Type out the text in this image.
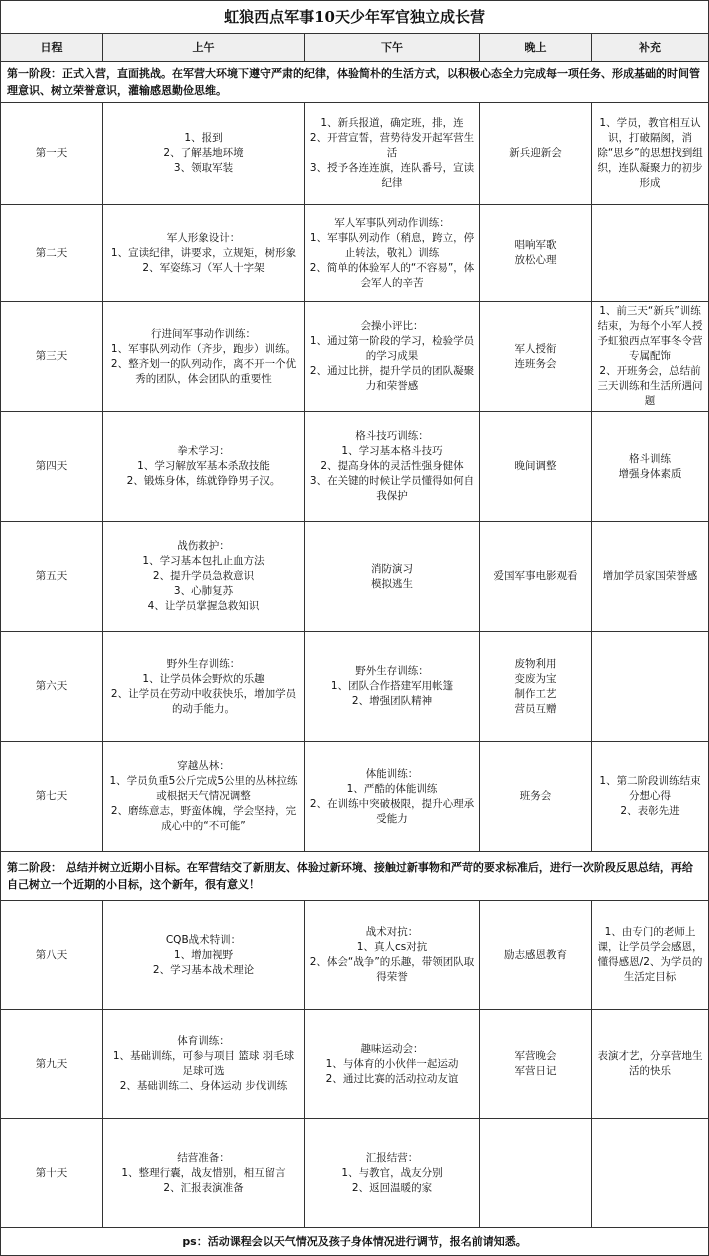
虹狼西点军事10天少年军官独立成长营				
日程	上午	下午	晚上	补充
第一阶段：正式入营，直面挑战。在军营大环境下遵守严肃的纪律，体验简朴的生活方式，以积极心态全力完成每一项任务、形成基础的时间管理意识、树立荣誉意识，灌输感恩勤俭思维。				
第一天	1、报到
2、了解基地环境
3、领取军装	1、新兵报道，确定班，排，连
2、开营宣誓，营势待发开起军营生活
3、授予各连连旗，连队番号，宣读纪律	新兵迎新会	1、学员，教官相互认识，打破隔阂，消除“思乡”的思想找到组织，连队凝聚力的初步形成

第二天	军人形象设计：
1、宣读纪律，讲要求，立规矩，树形象
2、军姿练习（军人十字架	军人军事队列动作训练：
1、军事队列动作（稍息，跨立，停止转法，敬礼）训练
2、简单的体验军人的“不容易”，体会军人的辛苦	唱响军歌
放松心理	

第三天	行进间军事动作训练：
1、军事队列动作（齐步，跑步）训练。
2、整齐划一的队列动作，离不开一个优秀的团队，体会团队的重要性	会操小评比：
1、通过第一阶段的学习，检验学员的学习成果
2、通过比拼，提升学员的团队凝聚力和荣誉感	军人授衔
连班务会	1、前三天“新兵”训练结束，为每个小军人授予虹狼西点军事冬令营专属配饰
2、开班务会，总结前三天训练和生活所遇问题

第四天	拳术学习：
1、学习解放军基本杀敌技能
2、锻炼身体，练就铮铮男子汉。	格斗技巧训练：
1、学习基本格斗技巧
2、提高身体的灵活性强身健体
3、在关键的时候让学员懂得如何自我保护	晚间调整	格斗训练
增强身体素质

第五天	战伤救护：
1、学习基本包扎止血方法
2、提升学员急救意识
3、心肺复苏
4、让学员掌握急救知识	消防演习
模拟逃生	爱国军事电影观看	增加学员家国荣誉感

第六天	野外生存训练：
1、让学员体会野炊的乐趣
2、让学员在劳动中收获快乐，增加学员的动手能力。	野外生存训练：
1、团队合作搭建军用帐篷
2、增强团队精神	废物利用
变废为宝
制作工艺
营员互赠	

第七天	穿越丛林：
1、学员负重5公斤完成5公里的丛林拉练或根据天气情况调整
2、磨练意志，野蛮体魄，学会坚持，完成心中的“不可能”	体能训练：
1、严酷的体能训练
2、在训练中突破极限，提升心理承受能力	班务会	1、第二阶段训练结束分想心得
2、表彰先进

第二阶段： 总结并树立近期小目标。在军营结交了新朋友、体验过新环境、接触过新事物和严苛的要求标准后，进行一次阶段反思总结，再给自己树立一个近期的小目标，这个新年，很有意义！				
第八天	CQB战术特训：
1、增加视野
2、学习基本战术理论	战术对抗：
1、真人cs对抗
2、体会“战争”的乐趣，带领团队取得荣誉	励志感恩教育	1、由专门的老师上课，让学员学会感恩，懂得感恩/2、为学员的生活定目标

第九天	体育训练：
1、基础训练，可参与项目 篮球 羽毛球 足球可选
2、基础训练二、身体运动 步伐训练	趣味运动会：
1、与体育的小伙伴一起运动
2、通过比赛的活动拉动友谊	军营晚会
军营日记	表演才艺，分享营地生活的快乐

第十天	结营准备：
1、整理行囊，战友惜别，相互留言
2、汇报表演准备	汇报结营：
1、与教官，战友分别
2、返回温暖的家		

ps：活动课程会以天气情况及孩子身体情况进行调节，报名前请知悉。				
